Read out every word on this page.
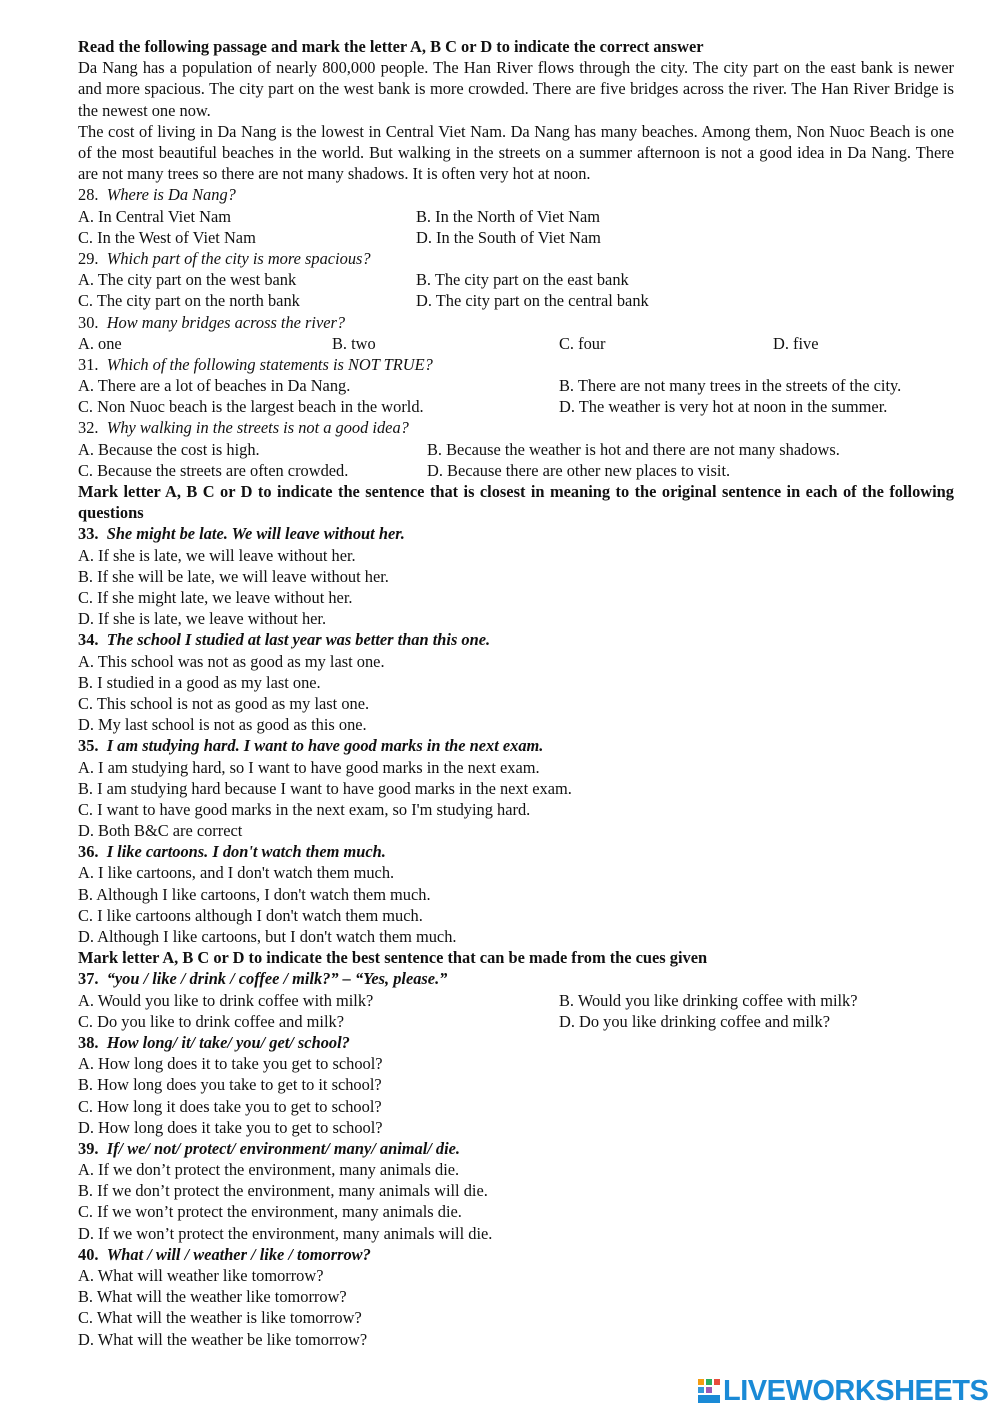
Read the following passage and mark the letter A, B C or D to indicate the correct answer
Da Nang has a population of nearly 800,000 people. The Han River flows through the city. The city part on the east bank is newer and more spacious. The city part on the west bank is more crowded. There are five bridges across the river. The Han River Bridge is the newest one now.
The cost of living in Da Nang is the lowest in Central Viet Nam. Da Nang has many beaches. Among them, Non Nuoc Beach is one of the most beautiful beaches in the world. But walking in the streets on a summer afternoon is not a good idea in Da Nang. There are not many trees so there are not many shadows. It is often very hot at noon.
28. Where is Da Nang?
A. In Central Viet Nam	B. In the North of Viet Nam
C. In the West of Viet Nam	D. In the South of Viet Nam
29. Which part of the city is more spacious?
A. The city part on the west bank	B. The city part on the east bank
C. The city part on the north bank	D. The city part on the central bank
30. How many bridges across the river?
A. one	B. two	C. four	D. five
31. Which of the following statements is NOT TRUE?
A. There are a lot of beaches in Da Nang.	B. There are not many trees in the streets of the city.
C. Non Nuoc beach is the largest beach in the world.	D. The weather is very hot at noon in the summer.
32. Why walking in the streets is not a good idea?
A. Because the cost is high.	B. Because the weather is hot and there are not many shadows.
C. Because the streets are often crowded.	D. Because there are other new places to visit.
Mark letter A, B C or D to indicate the sentence that is closest in meaning to the original sentence in each of the following questions
33. She might be late. We will leave without her.
A. If she is late, we will leave without her.
B. If she will be late, we will leave without her.
C. If she might late, we leave without her.
D. If she is late, we leave without her.
34. The school I studied at last year was better than this one.
A. This school was not as good as my last one.
B. I studied in a good as my last one.
C. This school is not as good as my last one.
D. My last school is not as good as this one.
35. I am studying hard. I want to have good marks in the next exam.
A. I am studying hard, so I want to have good marks in the next exam.
B. I am studying hard because I want to have good marks in the next exam.
C. I want to have good marks in the next exam, so I'm studying hard.
D. Both B&C are correct
36. I like cartoons. I don't watch them much.
A. I like cartoons, and I don't watch them much.
B. Although I like cartoons, I don't watch them much.
C. I like cartoons although I don't watch them much.
D. Although I like cartoons, but I don't watch them much.
Mark letter A, B C or D to indicate the best sentence that can be made from the cues given
37. “you / like / drink / coffee / milk?” – “Yes, please.”
A. Would you like to drink coffee with milk?	B. Would you like drinking coffee with milk?
C. Do you like to drink coffee and milk?	D. Do you like drinking coffee and milk?
38. How long/ it/ take/ you/ get/ school?
A. How long does it to take you get to school?
B. How long does you take to get to it school?
C. How long it does take you to get to school?
D. How long does it take you to get to school?
39. If/ we/ not/ protect/ environment/ many/ animal/ die.
A. If we don’t protect the environment, many animals die.
B. If we don’t protect the environment, many animals will die.
C. If we won’t protect the environment, many animals die.
D. If we won’t protect the environment, many animals will die.
40. What / will / weather / like / tomorrow?
A. What will weather like tomorrow?
B. What will the weather like tomorrow?
C. What will the weather is like tomorrow?
D. What will the weather be like tomorrow?
LIVEWORKSHEETS
